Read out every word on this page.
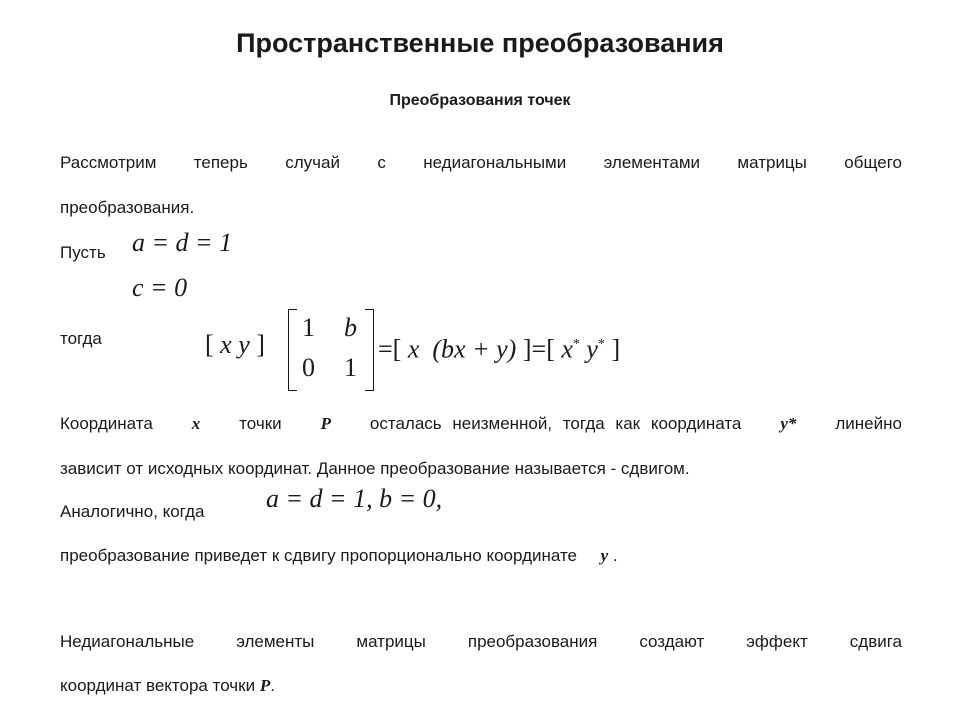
Пространственные преобразования
Преобразования точек
Рассмотрим теперь случай с недиагональными элементами матрицы общего
преобразования.
Пусть a = d = 1
c = 0
тогда	[ x y ]
1 b
0 1
=[ x (bx + y) ]=[ x* y* ]
Координата x точки P осталась неизменной, тогда как координата y* линейно
зависит от исходных координат. Данное преобразование называется - сдвигом.
Аналогично, когда a = d = 1, b = 0,
преобразование приведет к сдвигу пропорционально координате y .
Недиагональные элементы матрицы преобразования создают эффект сдвига
координат вектора точки P.
